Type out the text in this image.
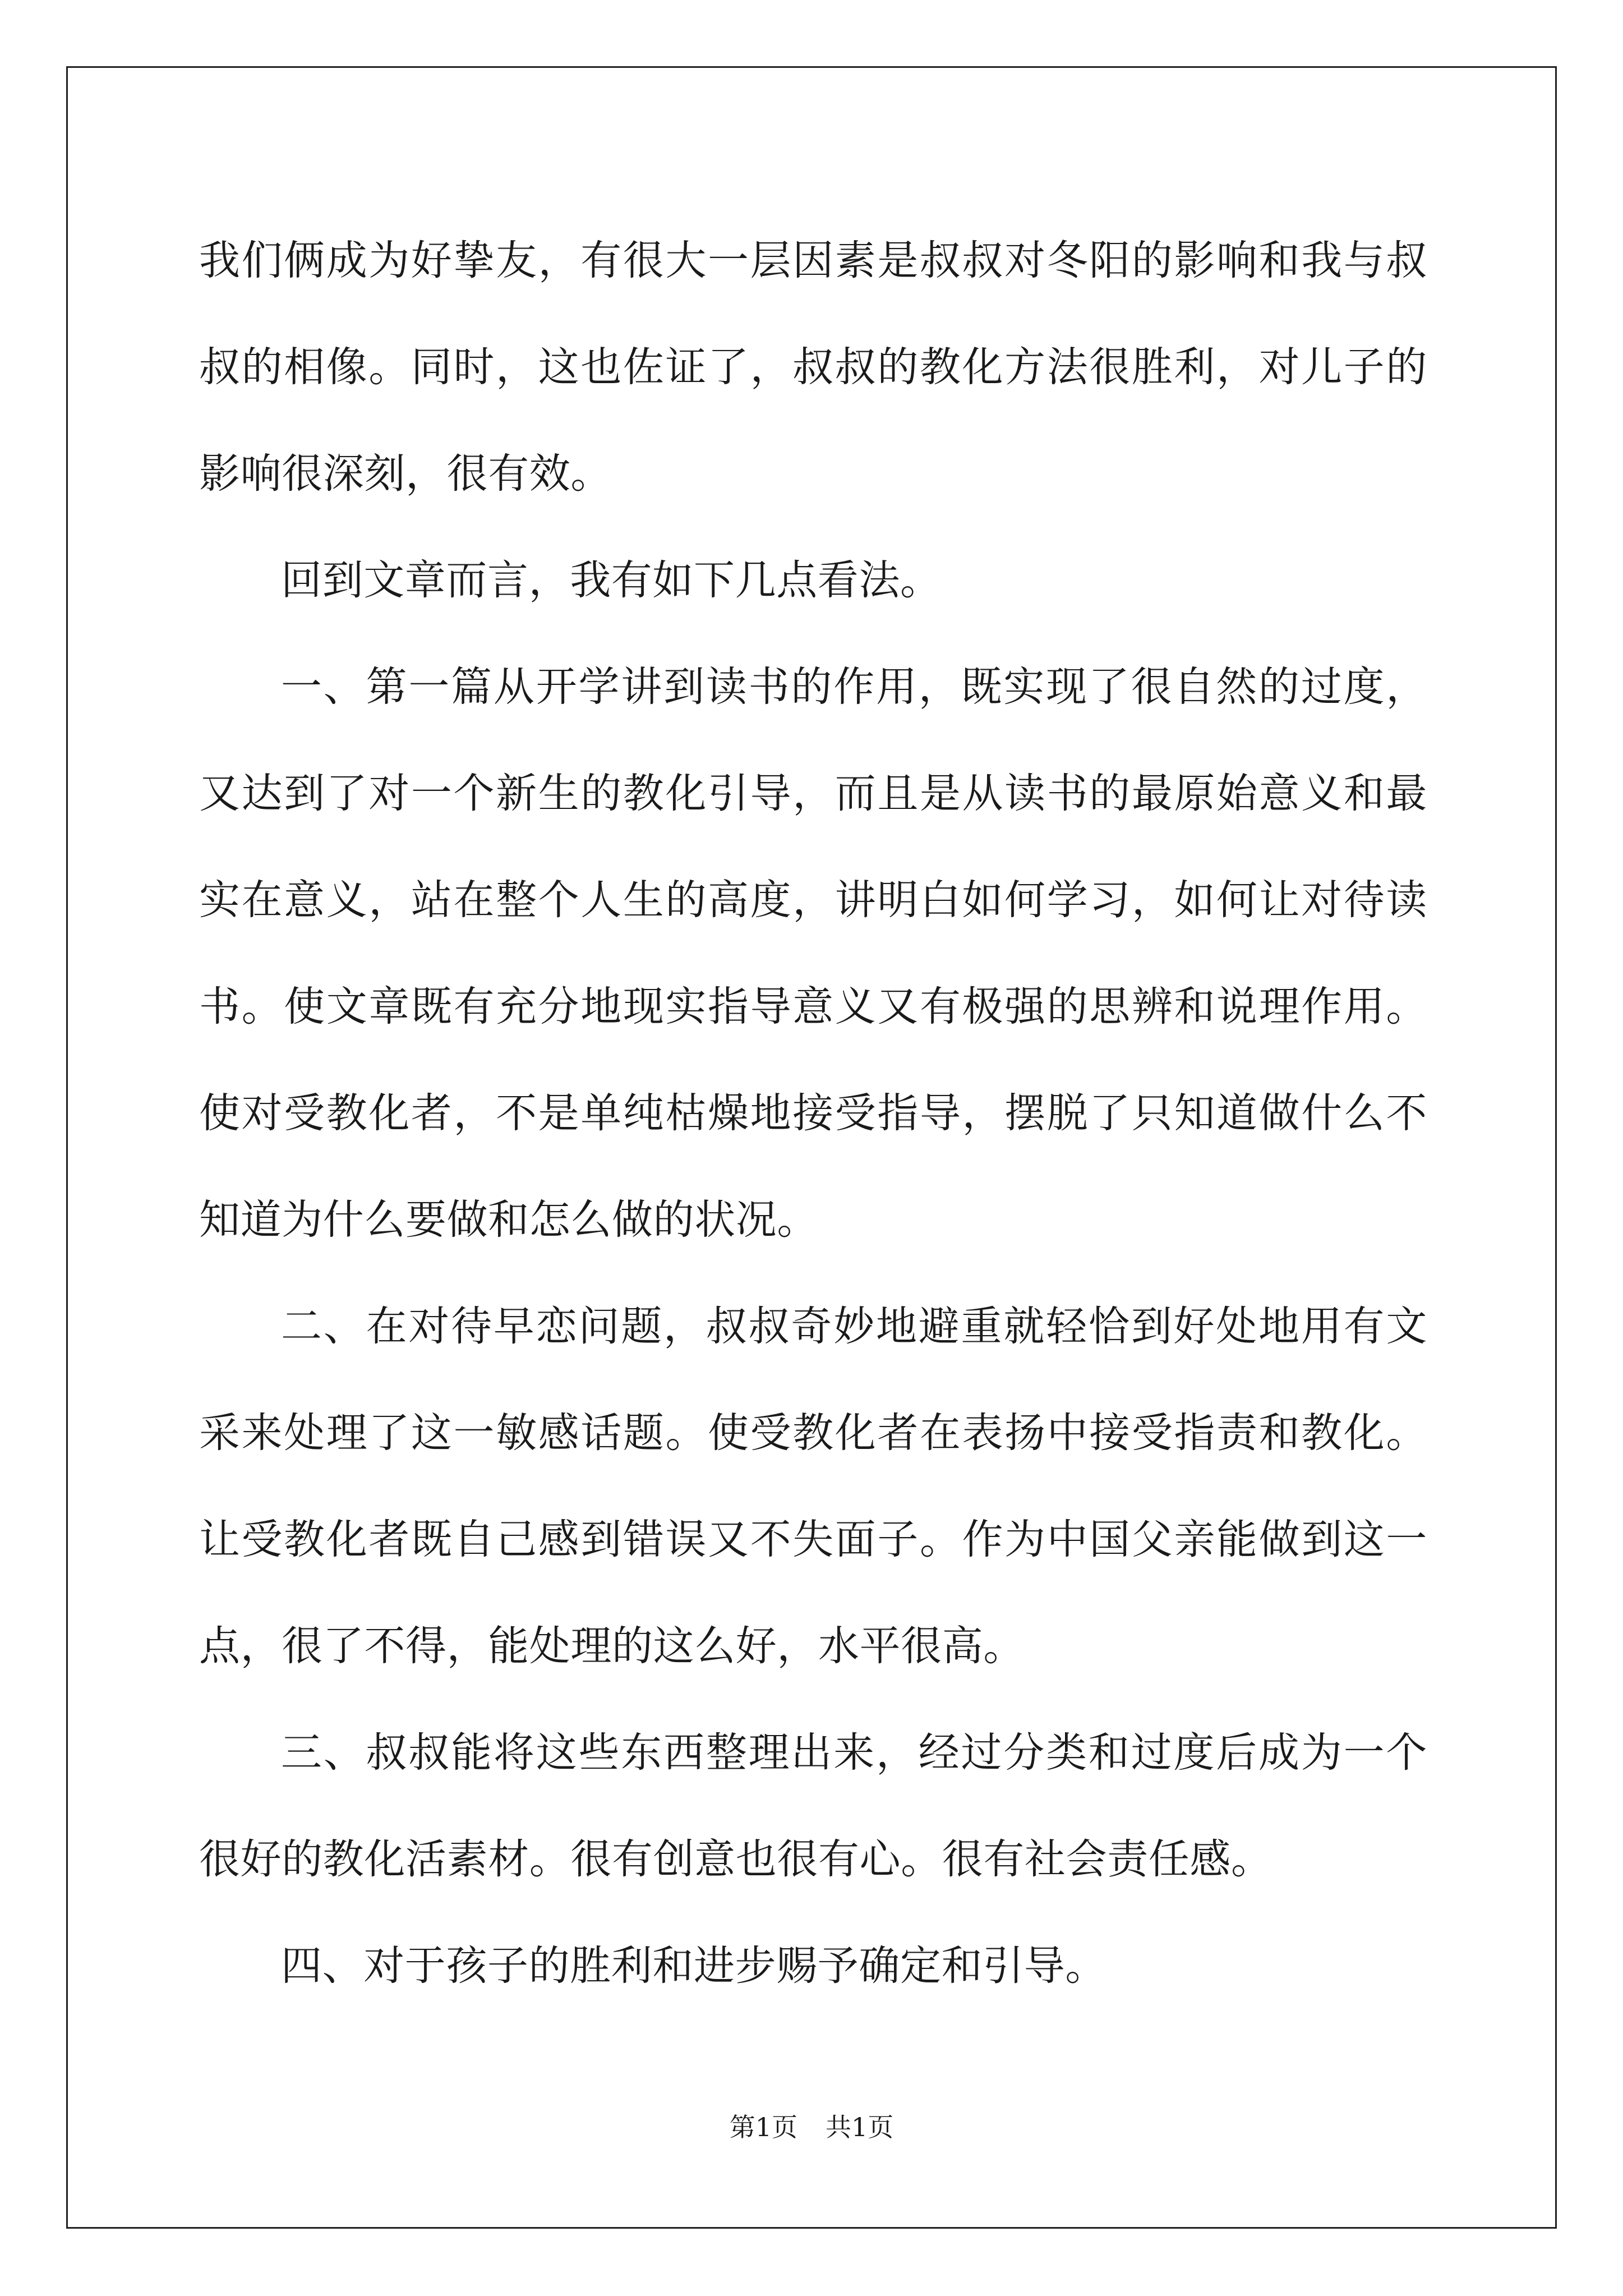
我们俩成为好挚友，有很大一层因素是叔叔对冬阳的影响和我与叔叔的相像。同时，这也佐证了，叔叔的教化方法很胜利，对儿子的影响很深刻，很有效。

回到文章而言，我有如下几点看法。

一、第一篇从开学讲到读书的作用，既实现了很自然的过度，又达到了对一个新生的教化引导，而且是从读书的最原始意义和最实在意义，站在整个人生的高度，讲明白如何学习，如何让对待读书。使文章既有充分地现实指导意义又有极强的思辨和说理作用。使对受教化者，不是单纯枯燥地接受指导，摆脱了只知道做什么不知道为什么要做和怎么做的状况。

二、在对待早恋问题，叔叔奇妙地避重就轻恰到好处地用有文采来处理了这一敏感话题。使受教化者在表扬中接受指责和教化。让受教化者既自己感到错误又不失面子。作为中国父亲能做到这一点，很了不得，能处理的这么好，水平很高。

三、叔叔能将这些东西整理出来，经过分类和过度后成为一个很好的教化活素材。很有创意也很有心。很有社会责任感。

四、对于孩子的胜利和进步赐予确定和引导。

第1页 共1页
